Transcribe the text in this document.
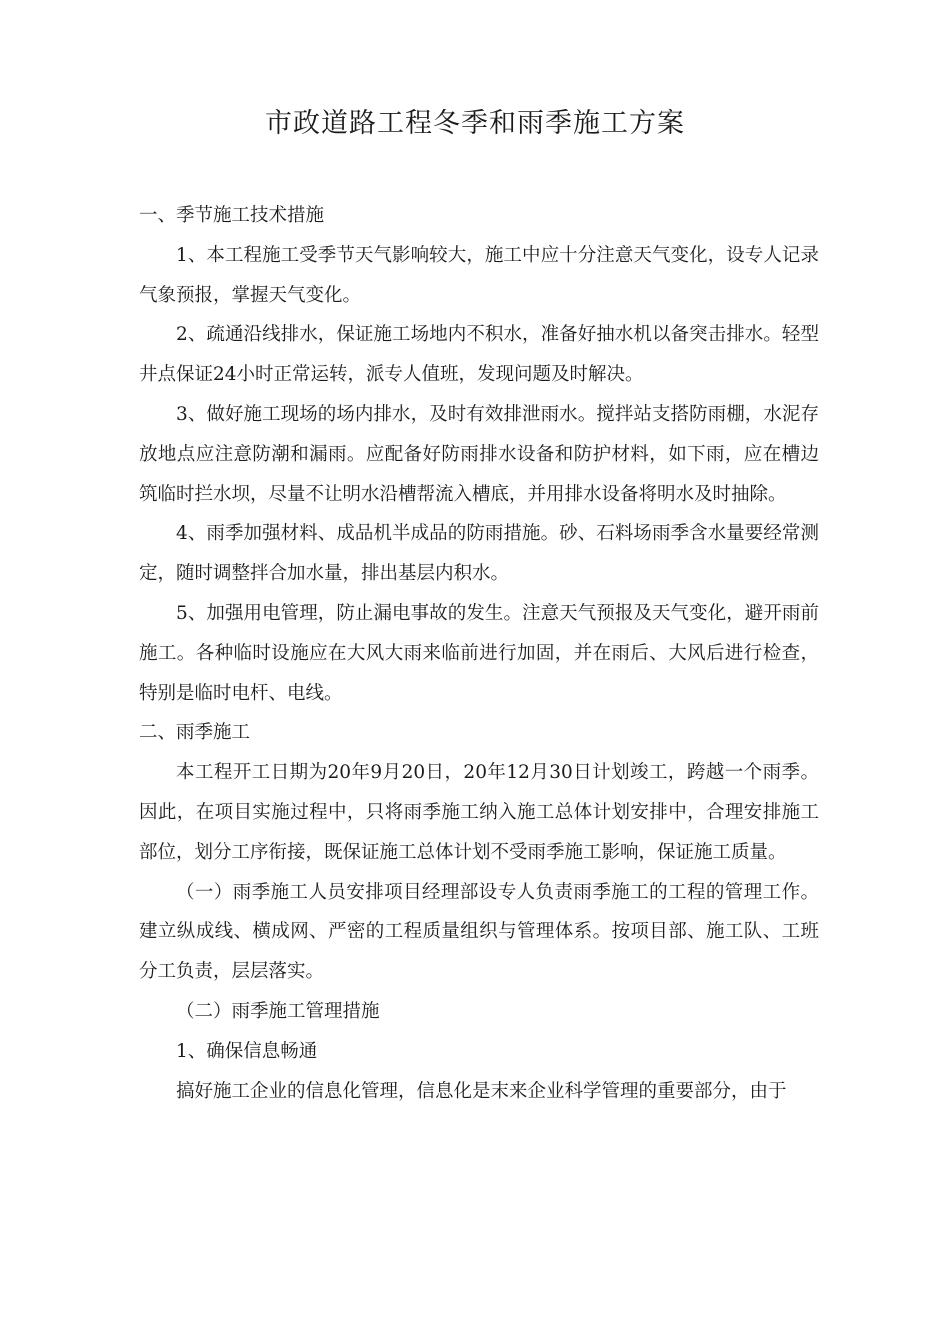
市政道路工程冬季和雨季施工方案

一、季节施工技术措施

1、本工程施工受季节天气影响较大，施工中应十分注意天气变化，设专人记录气象预报，掌握天气变化。

2、疏通沿线排水，保证施工场地内不积水，准备好抽水机以备突击排水。轻型井点保证24小时正常运转，派专人值班，发现问题及时解决。

3、做好施工现场的场内排水，及时有效排泄雨水。搅拌站支搭防雨棚，水泥存放地点应注意防潮和漏雨。应配备好防雨排水设备和防护材料，如下雨，应在槽边筑临时拦水坝，尽量不让明水沿槽帮流入槽底，并用排水设备将明水及时抽除。

4、雨季加强材料、成品机半成品的防雨措施。砂、石料场雨季含水量要经常测定，随时调整拌合加水量，排出基层内积水。

5、加强用电管理，防止漏电事故的发生。注意天气预报及天气变化，避开雨前施工。各种临时设施应在大风大雨来临前进行加固，并在雨后、大风后进行检查，特别是临时电杆、电线。

二、雨季施工

本工程开工日期为20年9月20日，20年12月30日计划竣工，跨越一个雨季。因此，在项目实施过程中，只将雨季施工纳入施工总体计划安排中，合理安排施工部位，划分工序衔接，既保证施工总体计划不受雨季施工影响，保证施工质量。

（一）雨季施工人员安排项目经理部设专人负责雨季施工的工程的管理工作。建立纵成线、横成网、严密的工程质量组织与管理体系。按项目部、施工队、工班分工负责，层层落实。

（二）雨季施工管理措施

1、确保信息畅通

搞好施工企业的信息化管理，信息化是末来企业科学管理的重要部分，由于
